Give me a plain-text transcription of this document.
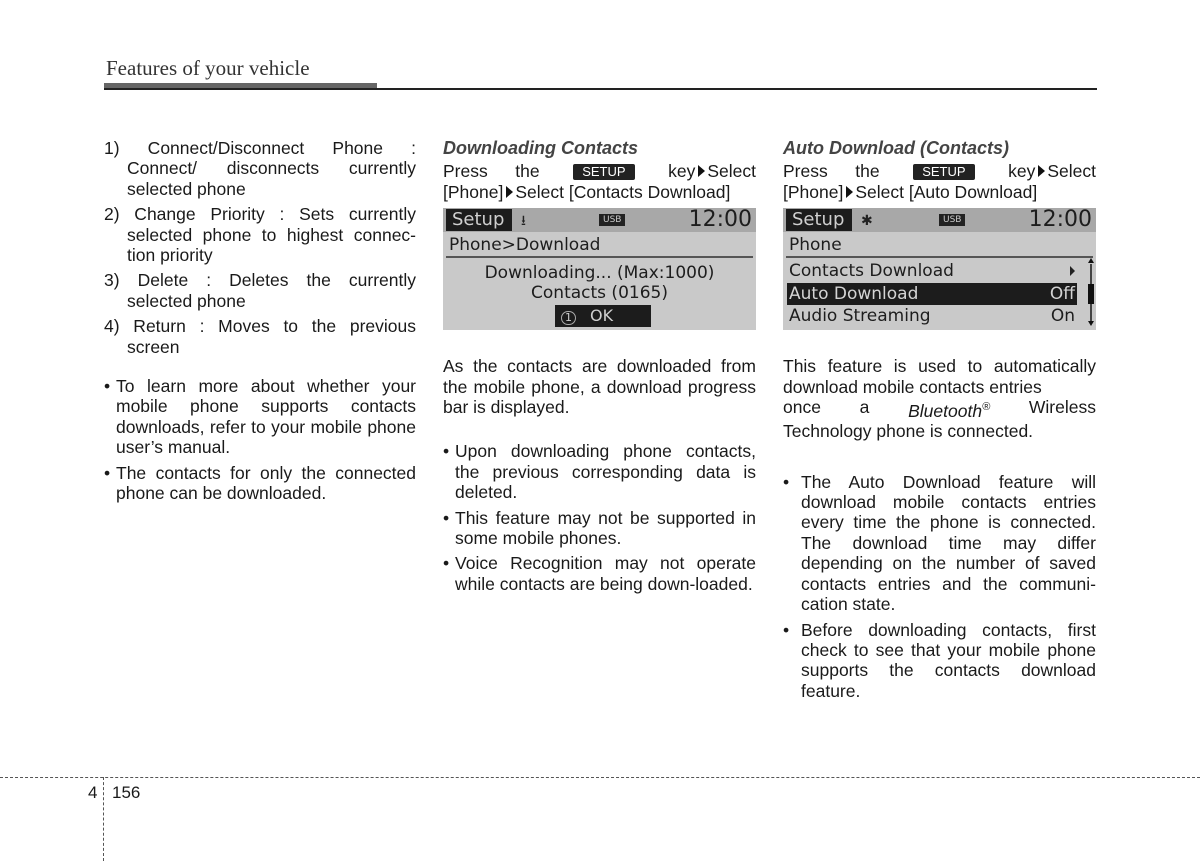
Features of your vehicle
1) Connect/Disconnect Phone : Connect/ disconnects currently selected phone
2) Change Priority : Sets currently selected phone to highest connec-tion priority
3) Delete : Deletes the currently selected phone
4) Return : Moves to the previous screen
• To learn more about whether your mobile phone supports contacts downloads, refer to your mobile phone user’s manual.
• The contacts for only the connected phone can be downloaded.
Downloading Contacts
Press the	SETUP	key Select
[Phone] Select [Contacts Download]
Setup	⭳	USB	12:00
Phone>Download
Downloading... (Max:1000)
Contacts (0165)
1 OK
As the contacts are downloaded from the mobile phone, a download progress bar is displayed.
• Upon downloading phone contacts, the previous corresponding data is deleted.
• This feature may not be supported in some mobile phones.
• Voice Recognition may not operate while contacts are being down-loaded.
Auto Download (Contacts)
Press the	SETUP	key Select
[Phone] Select [Auto Download]
Setup	✱	USB	12:00
Phone
Contacts Download
Auto Download	Off
Audio Streaming	On
This feature is used to automatically download mobile contacts entries
once a Bluetooth® Wireless
Technology phone is connected.
• The Auto Download feature will download mobile contacts entries every time the phone is connected. The download time may differ depending on the number of saved contacts entries and the communi-cation state.
• Before downloading contacts, first check to see that your mobile phone supports the contacts download feature.
4 156
